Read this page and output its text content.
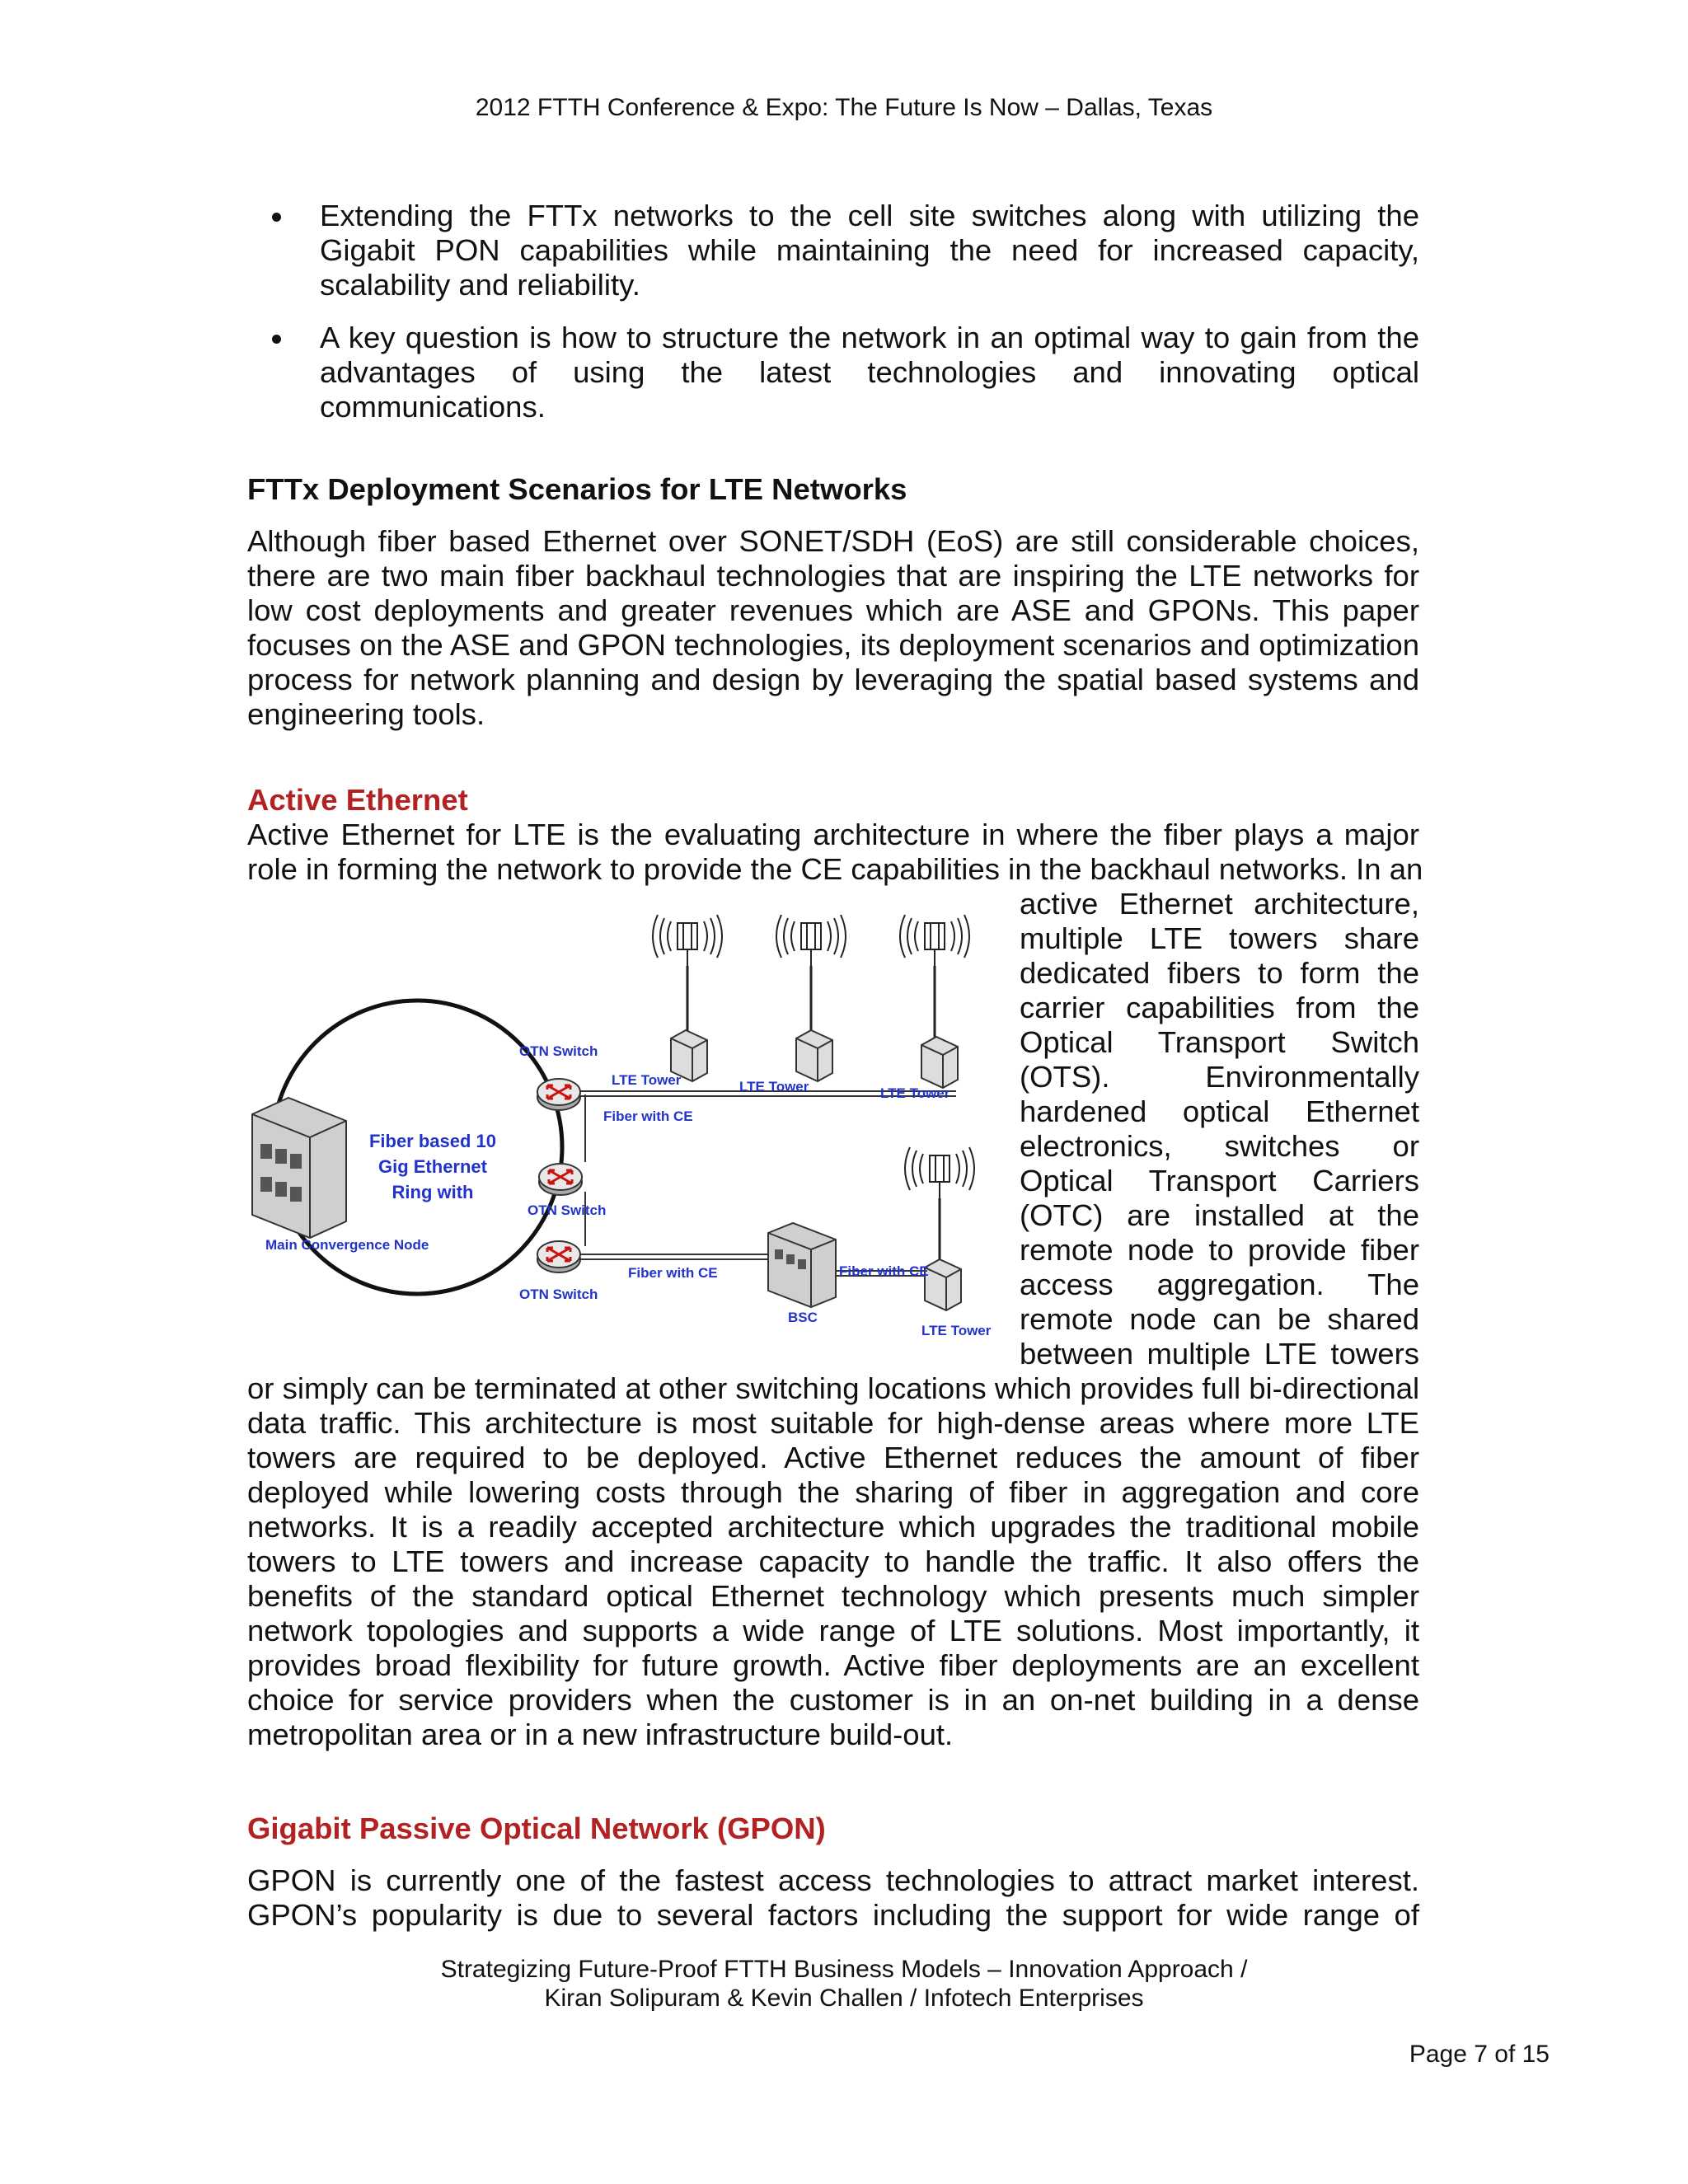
2012 FTTH Conference & Expo: The Future Is Now – Dallas, Texas
Extending the FTTx networks to the cell site switches along with utilizing the
Gigabit PON capabilities while maintaining the need for increased capacity,
scalability and reliability.
A key question is how to structure the network in an optimal way to gain from the
advantages of using the latest technologies and innovating optical
communications.
FTTx Deployment Scenarios for LTE Networks
Although fiber based Ethernet over SONET/SDH (EoS) are still considerable choices,
there are two main fiber backhaul technologies that are inspiring the LTE networks for
low cost deployments and greater revenues which are ASE and GPONs. This paper
focuses on the ASE and GPON technologies, its deployment scenarios and optimization
process for network planning and design by leveraging the spatial based systems and
engineering tools.
Active Ethernet
Active Ethernet for LTE is the evaluating architecture in where the fiber plays a major
role in forming the network to provide the CE capabilities in the backhaul networks. In an
active Ethernet architecture,
multiple LTE towers share
dedicated fibers to form the
carrier capabilities from the
Optical Transport Switch
(OTS). Environmentally
hardened optical Ethernet
electronics, switches or
Optical Transport Carriers
(OTC) are installed at the
remote node to provide fiber
access aggregation. The
remote node can be shared
between multiple LTE towers
OTN Switch
OTN Switch
OTN Switch
LTE Tower	LTE Tower	LTE Tower
LTE Tower
Fiber with CE
Fiber with CE	Fiber with CE
BSC
Fiber based 10
Gig Ethernet
Ring with
Main Convergence Node
or simply can be terminated at other switching locations which provides full bi-directional
data traffic. This architecture is most suitable for high-dense areas where more LTE
towers are required to be deployed. Active Ethernet reduces the amount of fiber
deployed while lowering costs through the sharing of fiber in aggregation and core
networks. It is a readily accepted architecture which upgrades the traditional mobile
towers to LTE towers and increase capacity to handle the traffic. It also offers the
benefits of the standard optical Ethernet technology which presents much simpler
network topologies and supports a wide range of LTE solutions. Most importantly, it
provides broad flexibility for future growth. Active fiber deployments are an excellent
choice for service providers when the customer is in an on-net building in a dense
metropolitan area or in a new infrastructure build-out.
Gigabit Passive Optical Network (GPON)
GPON is currently one of the fastest access technologies to attract market interest.
GPON’s popularity is due to several factors including the support for wide range of
Strategizing Future-Proof FTTH Business Models – Innovation Approach /
Kiran Solipuram & Kevin Challen / Infotech Enterprises
Page 7 of 15
